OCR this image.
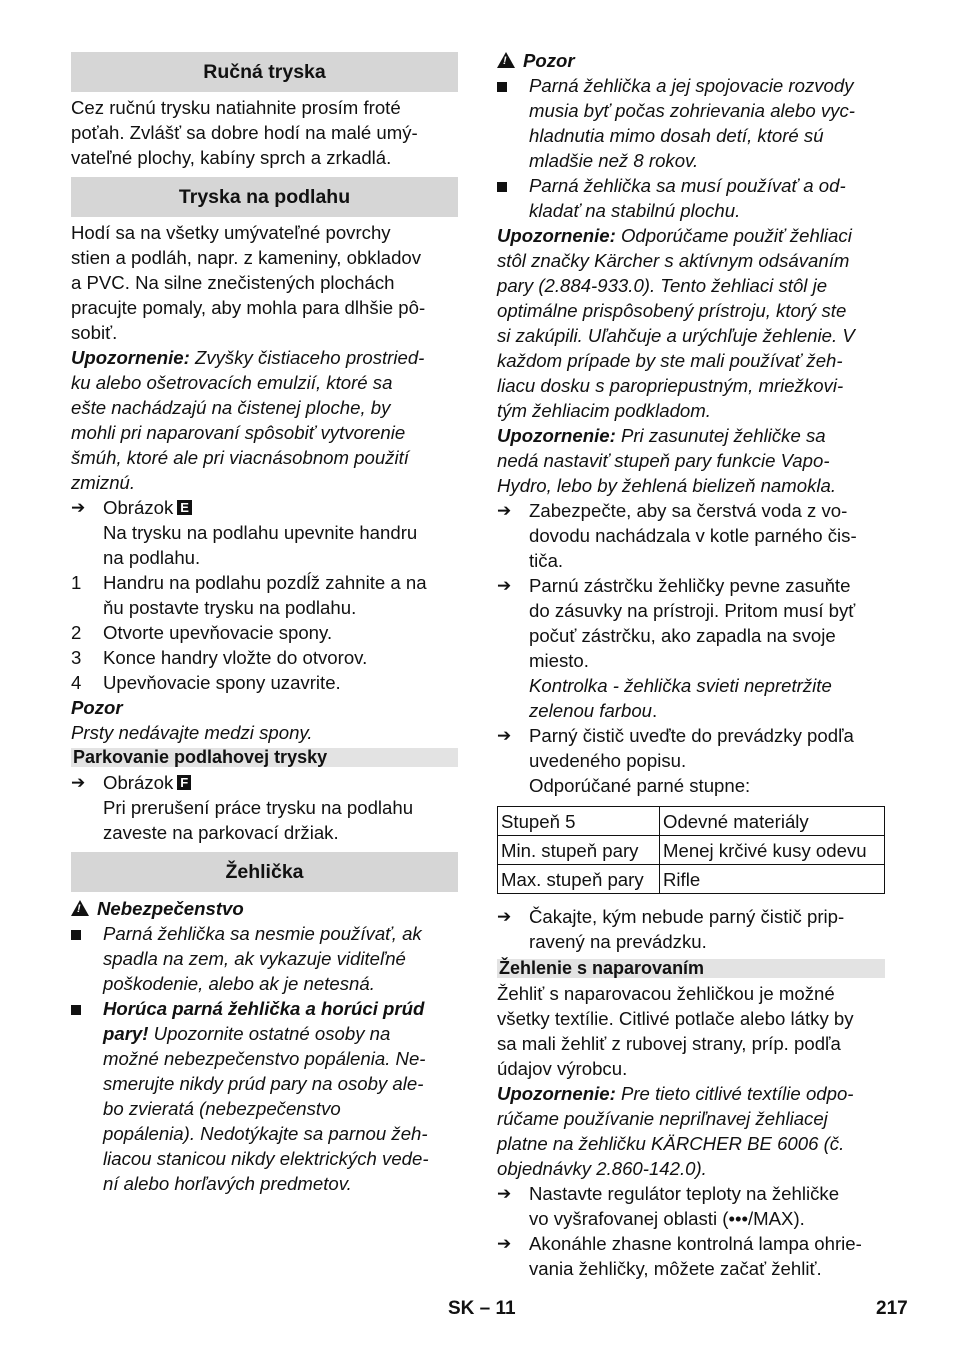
Ručná tryska

Cez ručnú trysku natiahnite prosím froté

poťah. Zvlášť sa dobre hodí na malé umý-

vateľné plochy, kabíny sprch a zrkadlá.

Tryska na podlahu

Hodí sa na všetky umývateľné povrchy

stien a podláh, napr. z kameniny, obkladov

a PVC. Na silne znečistených plochách

pracujte pomaly, aby mohla para dlhšie pô-

sobiť.

Upozornenie: Zvyšky čistiaceho prostried-

ku alebo ošetrovacích emulzií, ktoré sa

ešte nachádzajú na čistenej ploche, by

mohli pri naparovaní spôsobiť vytvorenie

šmúh, ktoré ale pri viacnásobnom použití

zmiznú.

➔ Obrázok E

Na trysku na podlahu upevnite handru

na podlahu.

1	Handru na podlahu pozdĺž zahnite a na

ňu postavte trysku na podlahu.

2	Otvorte upevňovacie spony.

3	Konce handry vložte do otvorov.

4	Upevňovacie spony uzavrite.

Pozor

Prsty nedávajte medzi spony.

Parkovanie podlahovej trysky
➔ Obrázok F

Pri prerušení práce trysku na podlahu

zaveste na parkovací držiak.

Žehlička

!Nebezpečenstvo

Parná žehlička sa nesmie používať, ak

spadla na zem, ak vykazuje viditeľné

poškodenie, alebo ak je netesná.

Horúca parná žehlička a horúci prúd

pary! Upozornite ostatné osoby na

možné nebezpečenstvo popálenia. Ne-

smerujte nikdy prúd pary na osoby ale-

bo zvieratá (nebezpečenstvo

popálenia). Nedotýkajte sa parnou žeh-

liacou stanicou nikdy elektrických vede-

ní alebo horľavých predmetov.

!Pozor

Parná žehlička a jej spojovacie rozvody

musia byť počas zohrievania alebo vyc-

hladnutia mimo dosah detí, ktoré sú

mladšie než 8 rokov.

Parná žehlička sa musí používať a od-

kladať na stabilnú plochu.

Upozornenie: Odporúčame použiť žehliaci

stôl značky Kärcher s aktívnym odsávaním

pary (2.884-933.0). Tento žehliaci stôl je

optimálne prispôsobený prístroju, ktorý ste

si zakúpili. Uľahčuje a urýchľuje žehlenie. V

každom prípade by ste mali používať žeh-

liacu dosku s paropriepustným, mriežkovi-

tým žehliacim podkladom.

Upozornenie: Pri zasunutej žehličke sa

nedá nastaviť stupeň pary funkcie Vapo-

Hydro, lebo by žehlená bielizeň namokla.

➔ Zabezpečte, aby sa čerstvá voda z vo-

dovodu nachádzala v kotle parného čis-

tiča.

➔ Parnú zástrčku žehličky pevne zasuňte

do zásuvky na prístroji. Pritom musí byť

počuť zástrčku, ako zapadla na svoje

miesto.

Kontrolka - žehlička svieti nepretržite

zelenou farbou.

➔ Parný čistič uveďte do prevádzky podľa

uvedeného popisu.

Odporúčané parné stupne:

Stupeň 5	Odevné materiály
Min. stupeň pary	Menej krčivé kusy odevu
Max. stupeň pary	Rifle
➔ Čakajte, kým nebude parný čistič prip-

ravený na prevádzku.

Žehlenie s naparovaním

Žehliť s naparovacou žehličkou je možné

všetky textílie. Citlivé potlače alebo látky by

sa mali žehliť z rubovej strany, príp. podľa

údajov výrobcu.

Upozornenie: Pre tieto citlivé textílie odpo-

rúčame používanie nepriľnavej žehliacej

platne na žehličku KÄRCHER BE 6006 (č.

objednávky 2.860-142.0).

➔ Nastavte regulátor teploty na žehličke

vo vyšrafovanej oblasti (•••/MAX).

➔ Akonáhle zhasne kontrolná lampa ohrie-

vania žehličky, môžete začať žehliť.

SK – 11	217
